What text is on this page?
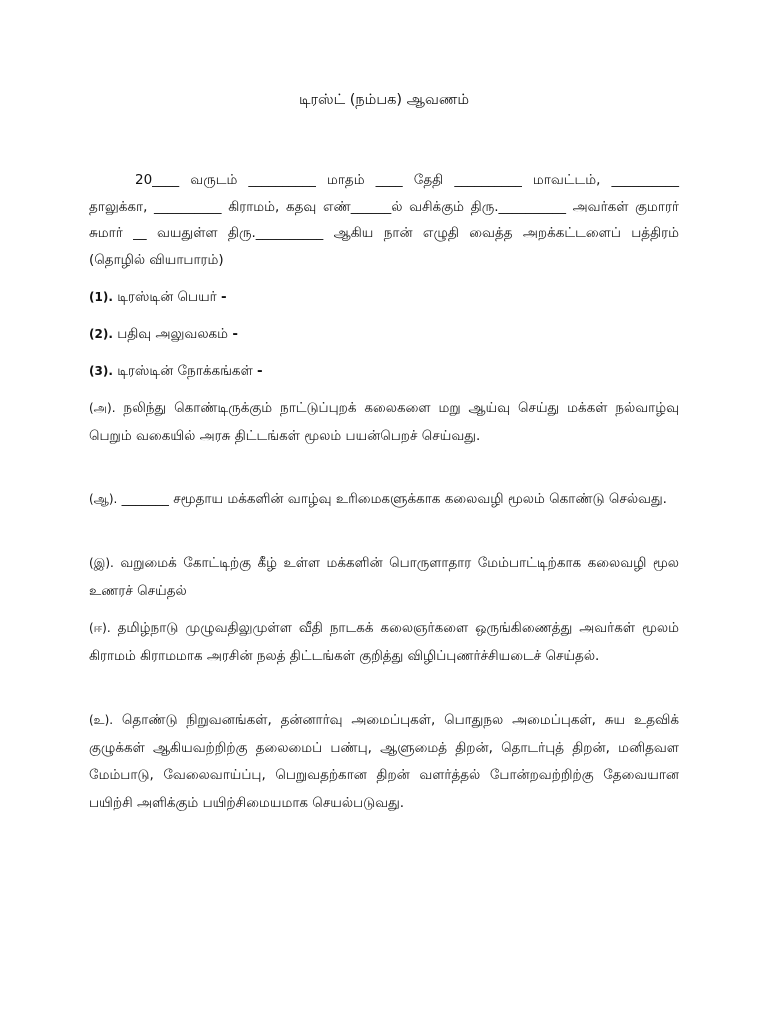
டிரஸ்ட் (நம்பக) ஆவணம்
20____ வருடம் __________ மாதம் ____ தேதி __________ மாவட்டம், __________ தாலுக்கா, __________ கிராமம், கதவு எண்______ல் வசிக்கும் திரு.__________ அவர்கள் குமாரர் சுமார் __ வயதுள்ள திரு.__________ ஆகிய நான் எழுதி வைத்த அறக்கட்டளைப் பத்திரம் (தொழில் வியாபாரம்)
(1). டிரஸ்டின் பெயர் -
(2). பதிவு அலுவலகம் -
(3). டிரஸ்டின் நோக்கங்கள் -
(அ). நலிந்து கொண்டிருக்கும் நாட்டுப்புறக் கலைகளை மறு ஆய்வு செய்து மக்கள் நல்வாழ்வு பெறும் வகையில் அரசு திட்டங்கள் மூலம் பயன்பெறச் செய்வது.
(ஆ). _______ சமூதாய மக்களின் வாழ்வு உரிமைகளுக்காக கலைவழி மூலம் கொண்டு செல்வது.
(இ). வறுமைக் கோட்டிற்கு கீழ் உள்ள மக்களின் பொருளாதார மேம்பாட்டிற்காக கலைவழி மூல உணரச் செய்தல்
(ஈ). தமிழ்நாடு முழுவதிலுமுள்ள வீதி நாடகக் கலைஞர்களை ஒருங்கிணைத்து அவர்கள் மூலம் கிராமம் கிராமமாக அரசின் நலத் திட்டங்கள் குறித்து விழிப்புணர்ச்சியடைச் செய்தல்.
(உ). தொண்டு நிறுவனங்கள், தன்னார்வு அமைப்புகள், பொதுநல அமைப்புகள், சுய உதவிக் குழுக்கள் ஆகியவற்றிற்கு தலைமைப் பண்பு, ஆளுமைத் திறன், தொடர்புத் திறன், மனிதவள மேம்பாடு, வேலைவாய்ப்பு, பெறுவதற்கான திறன் வளர்த்தல் போன்றவற்றிற்கு தேவையான பயிற்சி அளிக்கும் பயிற்சிமையமாக செயல்படுவது.
